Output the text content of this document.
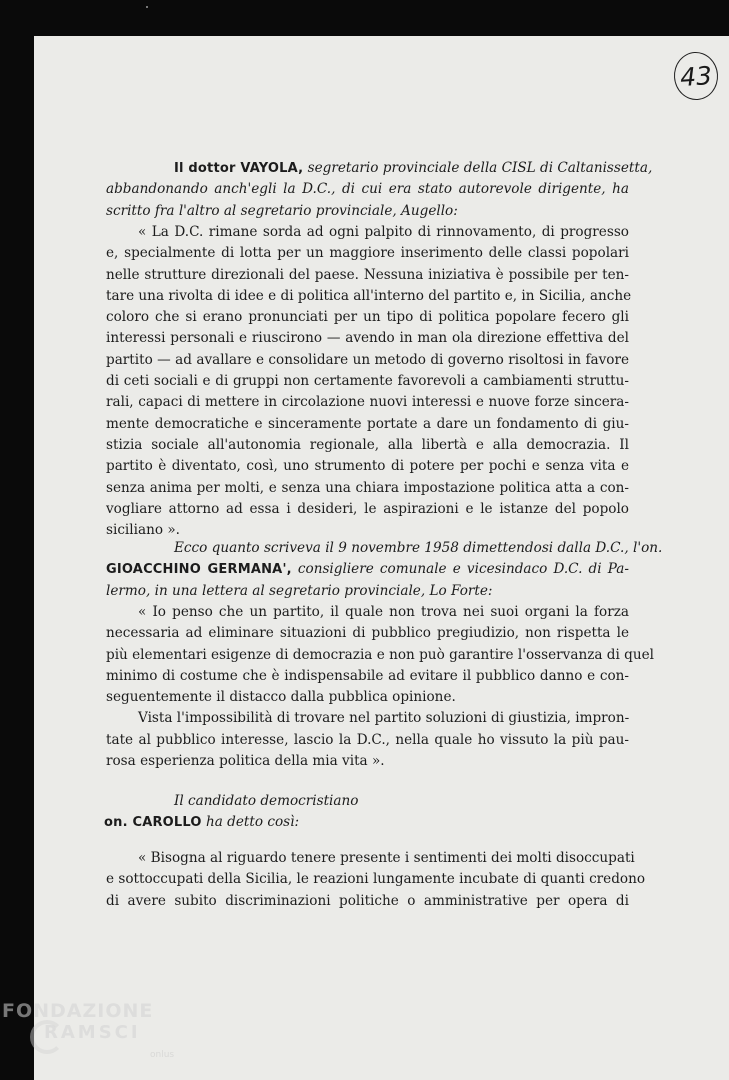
43
Il dottor VAYOLA, segretario provinciale della CISL di Caltanissetta,
abbandonando anch'egli la D.C., di cui era stato autorevole dirigente, ha
scritto fra l'altro al segretario provinciale, Augello:
« La D.C. rimane sorda ad ogni palpito di rinnovamento, di progresso
e, specialmente di lotta per un maggiore inserimento delle classi popolari
nelle strutture direzionali del paese. Nessuna iniziativa è possibile per ten-
tare una rivolta di idee e di politica all'interno del partito e, in Sicilia, anche
coloro che si erano pronunciati per un tipo di politica popolare fecero gli
interessi personali e riuscirono — avendo in man ola direzione effettiva del
partito — ad avallare e consolidare un metodo di governo risoltosi in favore
di ceti sociali e di gruppi non certamente favorevoli a cambiamenti struttu-
rali, capaci di mettere in circolazione nuovi interessi e nuove forze sincera-
mente democratiche e sinceramente portate a dare un fondamento di giu-
stizia sociale all'autonomia regionale, alla libertà e alla democrazia. Il
partito è diventato, così, uno strumento di potere per pochi e senza vita e
senza anima per molti, e senza una chiara impostazione politica atta a con-
vogliare attorno ad essa i desideri, le aspirazioni e le istanze del popolo
siciliano ».
Ecco quanto scriveva il 9 novembre 1958 dimettendosi dalla D.C., l'on.
GIOACCHINO GERMANA', consigliere comunale e vicesindaco D.C. di Pa-
lermo, in una lettera al segretario provinciale, Lo Forte:
« Io penso che un partito, il quale non trova nei suoi organi la forza
necessaria ad eliminare situazioni di pubblico pregiudizio, non rispetta le
più elementari esigenze di democrazia e non può garantire l'osservanza di quel
minimo di costume che è indispensabile ad evitare il pubblico danno e con-
seguentemente il distacco dalla pubblica opinione.
Vista l'impossibilità di trovare nel partito soluzioni di giustizia, impron-
tate al pubblico interesse, lascio la D.C., nella quale ho vissuto la più pau-
rosa esperienza politica della mia vita ».
Il candidato democristiano
on. CAROLLO ha detto così:
« Bisogna al riguardo tenere presente i sentimenti dei molti disoccupati
e sottoccupati della Sicilia, le reazioni lungamente incubate di quanti credono
di avere subito discriminazioni politiche o amministrative per opera di
FONDAZIONE
RAMSCI
onlus
